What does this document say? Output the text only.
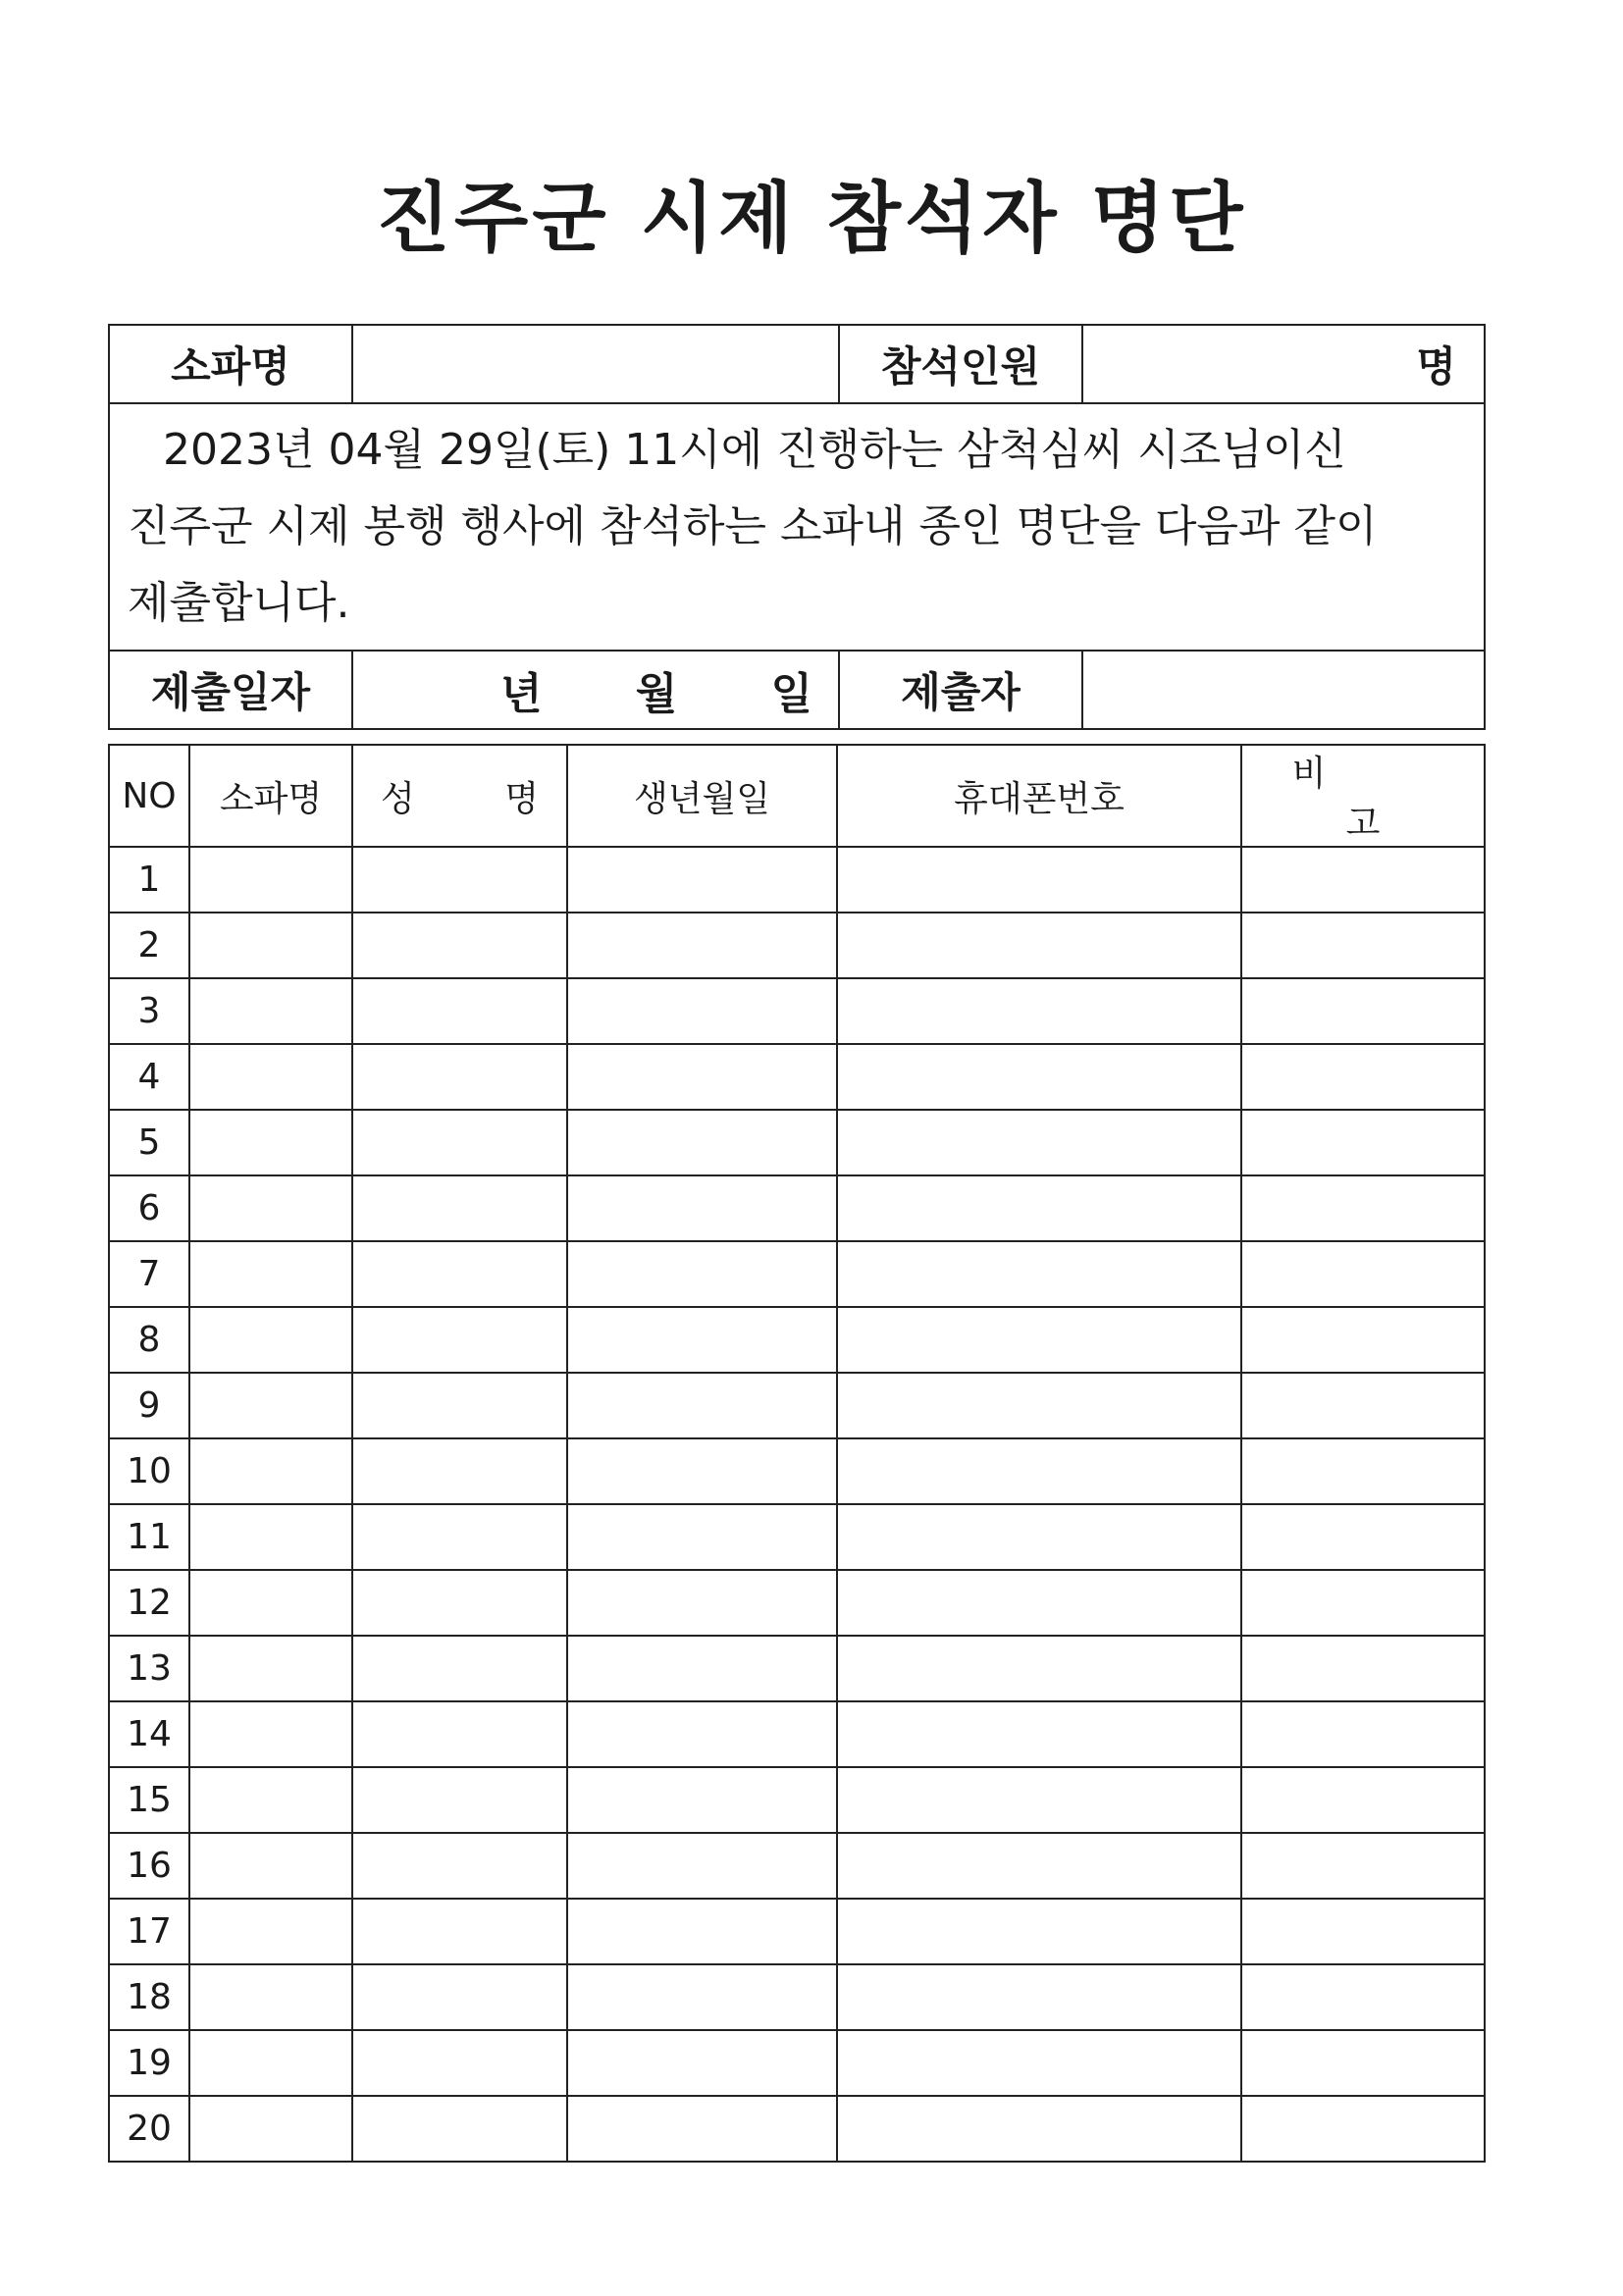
진주군 시제 참석자 명단
소파명		참석인원	명

2023년 04월 29일(토) 11시에 진행하는 삼척심씨 시조님이신
진주군 시제 봉행 행사에 참석하는 소파내 종인 명단을 다음과 같이
제출합니다.			

제출일자	년 월 일	제출자	
NO	소파명	성 명	생년월일	휴대폰번호	비 고
1					
2					
3					
4					
5					
6					
7					
8					
9					
10					
11					
12					
13					
14					
15					
16					
17					
18					
19					
20					
